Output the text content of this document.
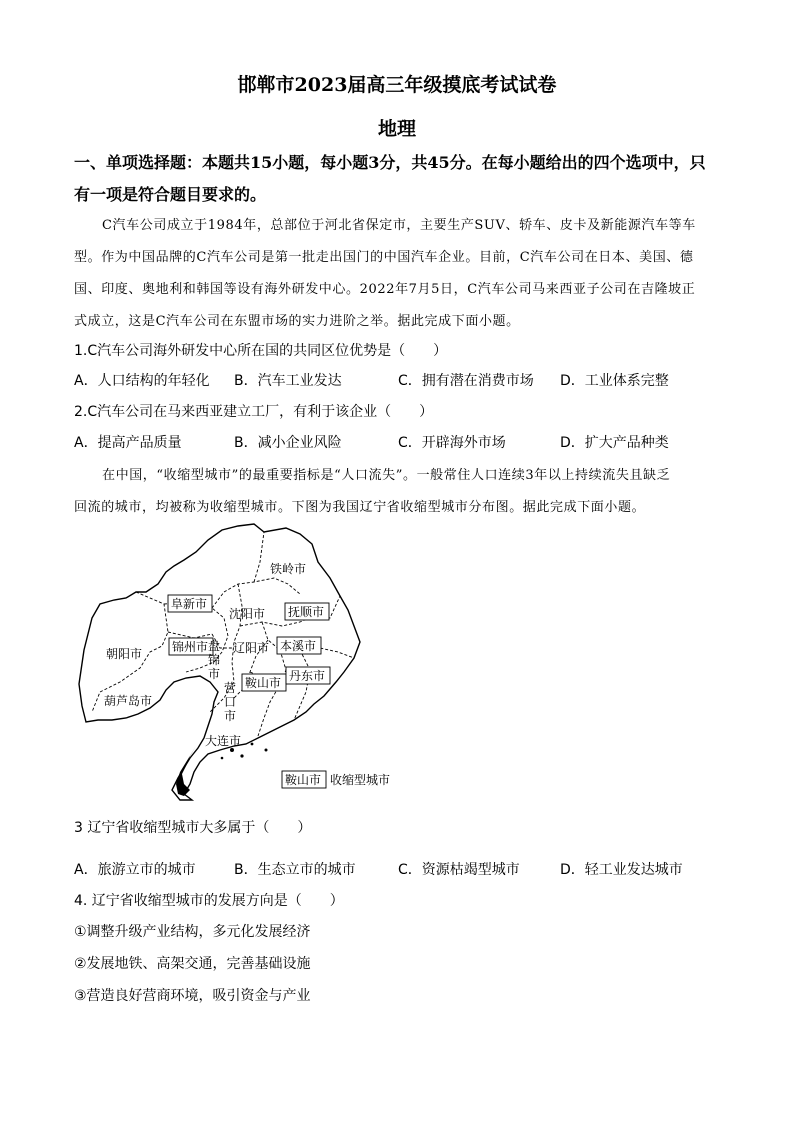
邯郸市2023届高三年级摸底考试试卷
地理
一、单项选择题：本题共15小题，每小题3分，共45分。在每小题给出的四个选项中，只
有一项是符合题目要求的。
C汽车公司成立于1984年，总部位于河北省保定市，主要生产SUV、轿车、皮卡及新能源汽车等车
型。作为中国品牌的C汽车公司是第一批走出国门的中国汽车企业。目前，C汽车公司在日本、美国、德
国、印度、奥地利和韩国等设有海外研发中心。2022年7月5日，C汽车公司马来西亚子公司在吉隆坡正
式成立，这是C汽车公司在东盟市场的实力进阶之举。据此完成下面小题。
1.C汽车公司海外研发中心所在国的共同区位优势是（　　）
A．人口结构的年轻化 B．汽车工业发达	C．拥有潜在消费市场 D．工业体系完整
2.C汽车公司在马来西亚建立工厂，有利于该企业（　　）
A．提高产品质量	B．减小企业风险	C．开辟海外市场	D．扩大产品种类
在中国，“收缩型城市”的最重要指标是“人口流失”。一般常住人口连续3年以上持续流失且缺乏
回流的城市，均被称为收缩型城市。下图为我国辽宁省收缩型城市分布图。据此完成下面小题。
阜新市
抚顺市
锦州市	本溪市
鞍山市 丹东市
铁岭市
沈阳市
朝阳市	辽阳市
葫芦岛市
大连市
盘
锦
市
营
口
市
鞍山市 收缩型城市
3 辽宁省收缩型城市大多属于（　　）
A．旅游立市的城市	B．生态立市的城市	C．资源枯竭型城市	D．轻工业发达城市
4. 辽宁省收缩型城市的发展方向是（　　）
①调整升级产业结构，多元化发展经济
②发展地铁、高架交通，完善基础设施
③营造良好营商环境，吸引资金与产业
